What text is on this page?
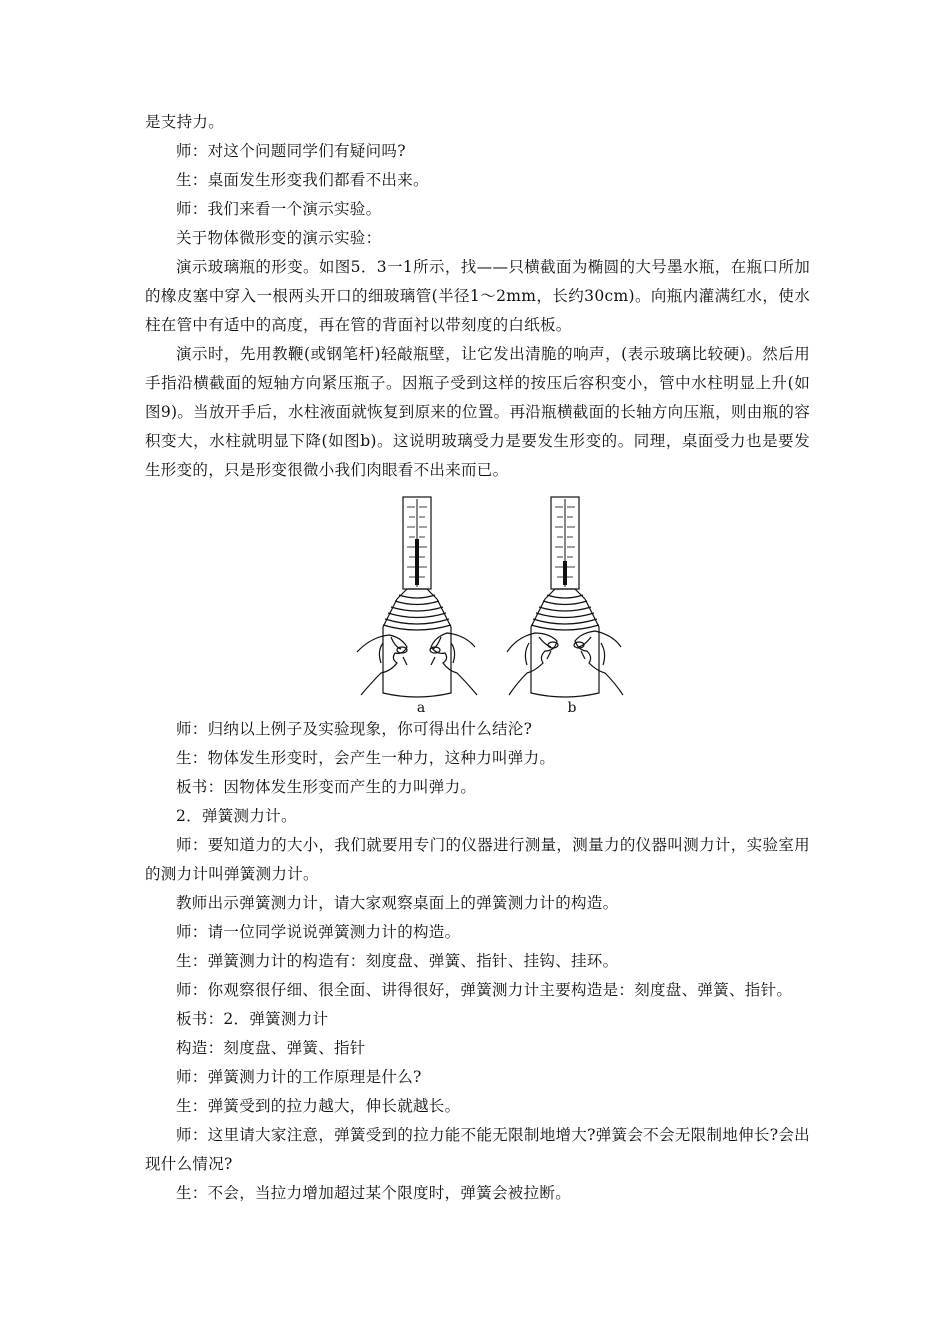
是支持力。

师：对这个问题同学们有疑问吗?

生：桌面发生形变我们都看不出来。

师：我们来看一个演示实验。

关于物体微形变的演示实验：

演示玻璃瓶的形变。如图5．3一1所示，找——只横截面为椭圆的大号墨水瓶，在瓶口所加的橡皮塞中穿入一根两头开口的细玻璃管(半径1～2mm，长约30cm)。向瓶内灌满红水，使水柱在管中有适中的高度，再在管的背面衬以带刻度的白纸板。

演示时，先用教鞭(或钢笔杆)轻敲瓶壁，让它发出清脆的响声，(表示玻璃比较硬)。然后用手指沿横截面的短轴方向紧压瓶子。因瓶子受到这样的按压后容积变小，管中水柱明显上升(如图9)。当放开手后，水柱液面就恢复到原来的位置。再沿瓶横截面的长轴方向压瓶，则由瓶的容积变大，水柱就明显下降(如图b)。这说明玻璃受力是要发生形变的。同理，桌面受力也是要发生形变的，只是形变很微小我们肉眼看不出来而已。

a	b

师：归纳以上例子及实验现象，你可得出什么结沦?

生：物体发生形变时，会产生一种力，这种力叫弹力。

板书：因物体发生形变而产生的力叫弹力。

2．弹簧测力计。

师：要知道力的大小，我们就要用专门的仪器进行测量，测量力的仪器叫测力计，实验室用的测力计叫弹簧测力计。

教师出示弹簧测力计，请大家观察桌面上的弹簧测力计的构造。

师：请一位同学说说弹簧测力计的构造。

生：弹簧测力计的构造有：刻度盘、弹簧、指针、挂钩、挂环。

师：你观察很仔细、很全面、讲得很好，弹簧测力计主要构造是：刻度盘、弹簧、指针。

板书：2．弹簧测力计

构造：刻度盘、弹簧、指针

师：弹簧测力计的工作原理是什么?

生：弹簧受到的拉力越大，伸长就越长。

师：这里请大家注意，弹簧受到的拉力能不能无限制地增大?弹簧会不会无限制地伸长?会出现什么情况?

生：不会，当拉力增加超过某个限度时，弹簧会被拉断。
